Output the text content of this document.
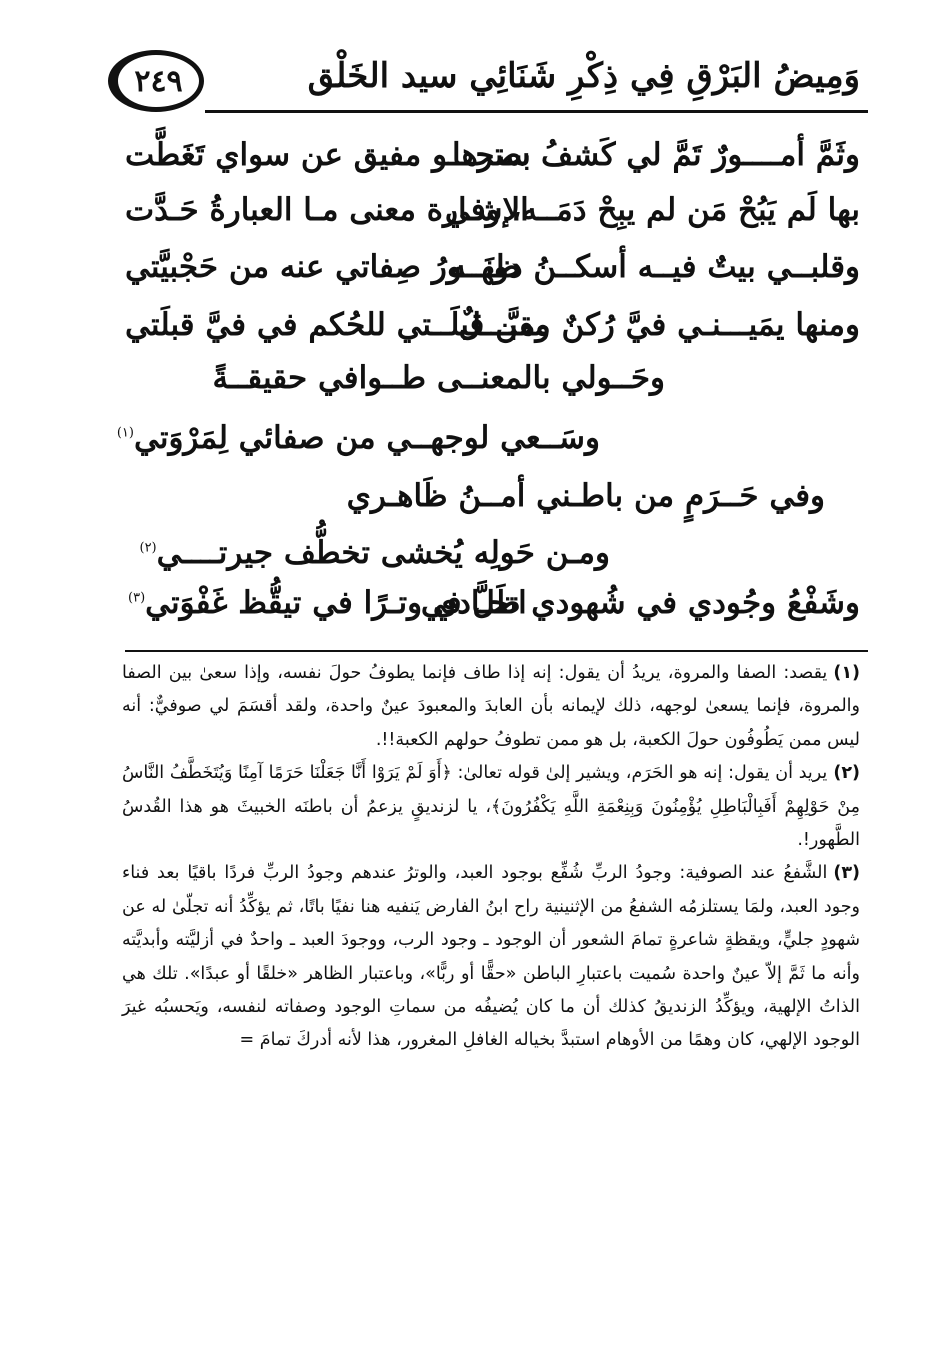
وَمِيضُ البَرْقِ فِي ذِكْرِ شَنَائِي سيد الخَلْق
٢٤٩
وثَمَّ أمــــورٌ تَمَّ لي كَشفُ سترها
بصحـــو مفيق عن سواي تَغَطَّت
بها لَم يَبُحْ مَن لم يبِحْ دَمَــه، وفي
الإشـارة معنى مـا العبارةُ حَـدَّت
وقلبــي بيتٌ فيــه أسكــنُ دونَــه
ظهــورُ صِفاتي عنه من حَجْبيَّتي
ومنها يمَيـــنـي فيَّ رُكنٌ مقبَّـــلٌ
ومن قبلَــتي للحُكم في فيَّ قبلَتي
وحَــولي بالمعنــى طــوافي حقيقــةً
وسَــعي لوجهــي من صفائي لِمَرْوَتي$^{(١)}$
وفي حَــرَمٍ من باطـني أمــنُ ظَاهـري
ومـن حَولِه يُخشى تخطُّف جيرتــــي$^{(٢)}$
وشَفْعُ وجُودي في شُهودي ظَلَّ في
اتحـادي وتـرًا في تيقُّظ غَفْوَتي$^{(٣)}$

(١)يقصد: الصفا والمروة، يريدُ أن يقول: إنه إذا طاف فإنما يطوفُ حولَ نفسه، وإذا سعىٰ بين الصفا والمروة، فإنما يسعىٰ لوجهه، ذلك لإيمانه بأن العابدَ والمعبودَ عينٌ واحدة، ولقد أقسَمَ لي صوفيٌّ: أنه ليس ممن يَطُوفُون حولَ الكعبة، بل هو ممن تطوفُ حولهم الكعبة!!.

(٢)يريد أن يقول: إنه هو الحَرَم، ويشير إلىٰ قوله تعالىٰ: ﴿أَوَ لَمْ يَرَوْا أَنَّا جَعَلْنَا حَرَمًا آمِنًا وَيُتَخَطَّفُ النَّاسُ مِنْ حَوْلِهِمْ أَفَبِالْبَاطِلِ يُؤْمِنُونَ وَبِنِعْمَةِ اللَّهِ يَكْفُرُونَ﴾، يا لزنديقٍ يزعمُ أن باطنَه الخبيثَ هو هذا القُدسُ الطَّهور!.

(٣)الشَّفعُ عند الصوفية: وجودُ الربِّ شُفِّع بوجود العبد، والوترُ عندهم وجودُ الربِّ فردًا باقيًا بعد فناء وجود العبد، ولمَا يستلزمُه الشفعُ من الإثنينية راح ابنُ الفارض يَنفيه هنا نفيًا باتًا، ثم يؤكِّدُ أنه تجلّىٰ له عن شهودٍ جليٍّ، ويقظةٍ شاعرةٍ تمامَ الشعور أن الوجود ـ وجود الرب، ووجودَ العبد ـ واحدٌ في أزليَّته وأبديَّته وأنه ما ثَمَّ إلاّ عينٌ واحدة سُميت باعتبارِ الباطن «حقًّا أو ربًّا»، وباعتبار الظاهر «خلقًا أو عبدًا». تلك هي الذاتُ الإلهية، ويؤكِّدُ الزنديقُ كذلك أن ما كان يُضيفُه من سماتِ الوجود وصفاته لنفسه، ويَحسبُه غيرَ الوجود الإلهي، كان وهمًا من الأوهام استبدَّ بخياله الغافلِ المغرور، هذا لأنه أدركَ تمامَ =
